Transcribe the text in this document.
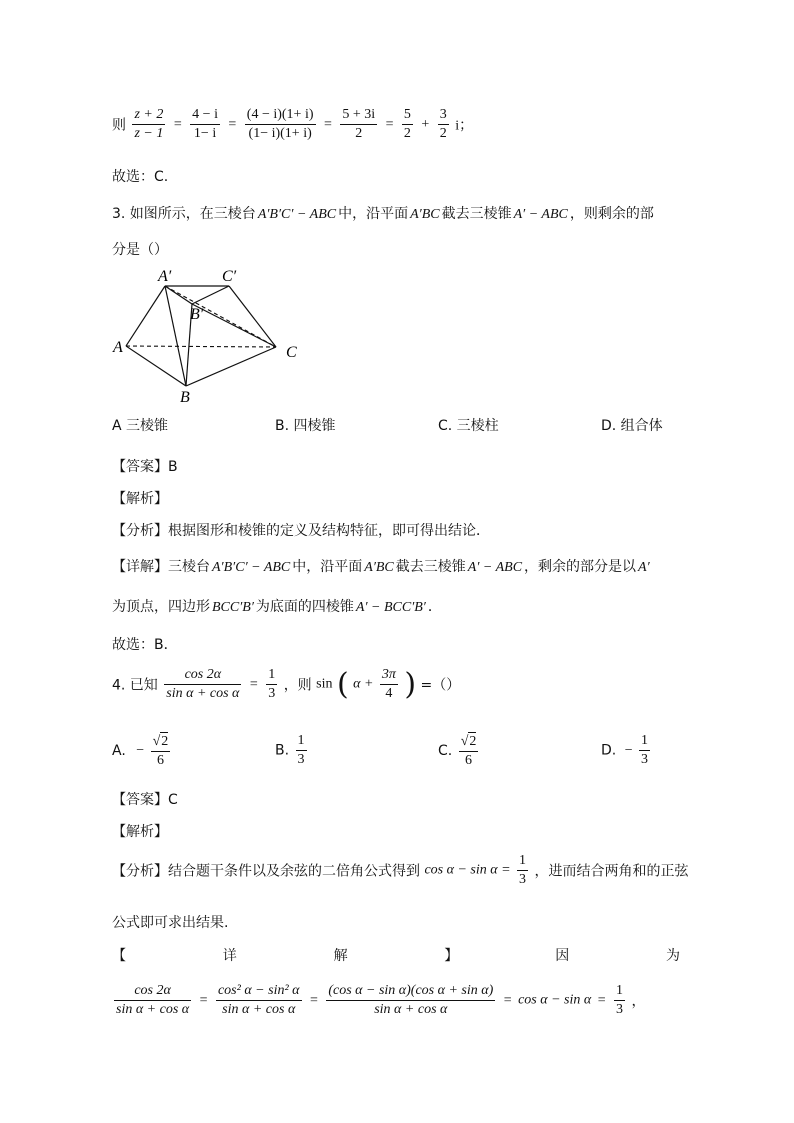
则 $\frac{z + 2}{z - 1} = \frac{4 - i}{1- i} = \frac{(4 - i)(1+ i)}{(1- i)(1+ i)} = \frac{5 + 3i}{2} = \frac{5}{2} + \frac{3}{2}$ i；
故选：C.
3. 如图所示，在三棱台 A′B′C′ − ABC 中，沿平面 A′BC 截去三棱锥 A′ − ABC ，则剩余的部
分是（）
A′	C′
B′
A
B
C
A 三棱锥	B. 四棱锥	C. 三棱柱	D. 组合体
【答案】B
【解析】
【分析】根据图形和棱锥的定义及结构特征，即可得出结论．
【详解】三棱台 A′B′C′ − ABC 中，沿平面 A′BC 截去三棱锥 A′ − ABC ，剩余的部分是以 A′
为顶点，四边形 BCC′B′ 为底面的四棱锥 A′ − BCC′B′ ．
故选：B．
4. 已知 $\frac{\cos 2\alpha}{\text{sin α + cos α}} = \frac{1}{3}$ ，则 sin ( $\alpha + \frac{3\pi}{4}$ ) =（）
A. − $\frac{√2}{6}$	B. $\frac{1}{3}$	C. $\frac{√2}{6}$	D. − $\frac{1}{3}$
【答案】C
【解析】
【分析】结合题干条件以及余弦的二倍角公式得到 $\cos \alpha - \sin \alpha = \frac{1}{3}$ ，进而结合两角和的正弦
公式即可求出结果.
【	详	解	】	因	为
$\frac{\cos 2\alpha}{\text{sin α + cos α}} = \frac{\text{cos² α − sin² α}}{\text{sin α + cos α}} = \frac{\text{(cos α − sin α)(cos α + sin α)}}{\text{sin α + cos α}} = \cos \alpha - \sin \alpha = \frac{1}{3}$ ，
